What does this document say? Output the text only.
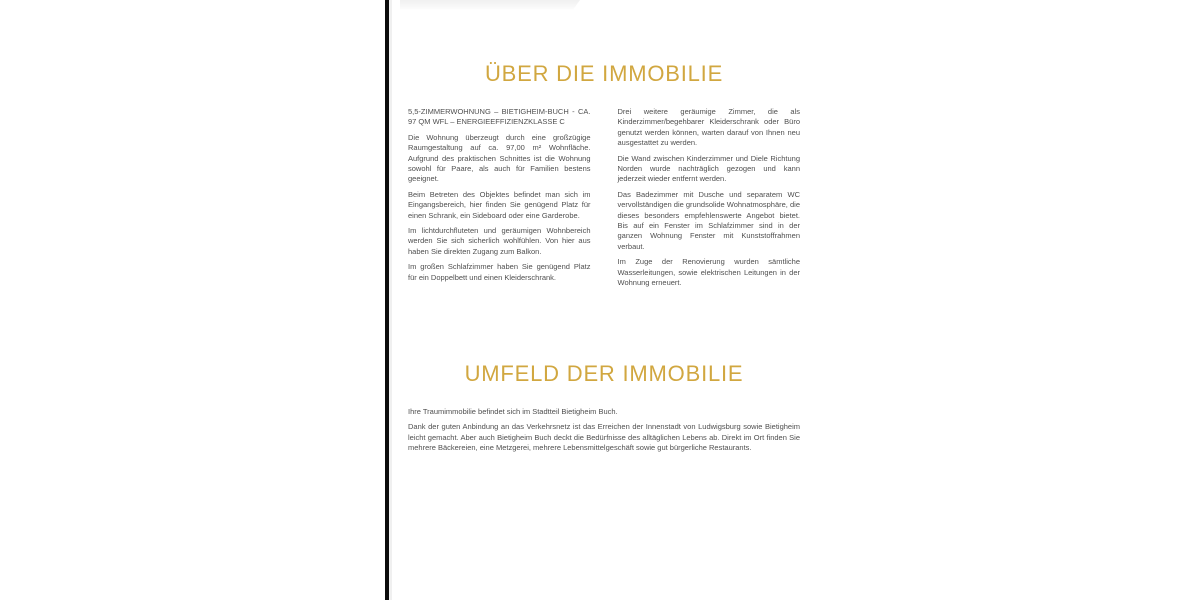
ÜBER DIE IMMOBILIE

5,5-ZIMMERWOHNUNG – BIETIGHEIM-BUCH - CA. 97 QM WFL – ENERGIEEFFIZIENZKLASSE C

Die Wohnung überzeugt durch eine großzügige Raumgestaltung auf ca. 97,00 m² Wohnfläche. Aufgrund des praktischen Schnittes ist die Wohnung sowohl für Paare, als auch für Familien bestens geeignet.

Beim Betreten des Objektes befindet man sich im Eingangsbereich, hier finden Sie genügend Platz für einen Schrank, ein Sideboard oder eine Garderobe.

Im lichtdurchfluteten und geräumigen Wohnbereich werden Sie sich sicherlich wohlfühlen. Von hier aus haben Sie direkten Zugang zum Balkon.

Im großen Schlafzimmer haben Sie genügend Platz für ein Doppelbett und einen Kleiderschrank.

Drei weitere geräumige Zimmer, die als Kinderzimmer/begehbarer Kleiderschrank oder Büro genutzt werden können, warten darauf von Ihnen neu ausgestattet zu werden.

Die Wand zwischen Kinderzimmer und Diele Richtung Norden wurde nachträglich gezogen und kann jederzeit wieder entfernt werden.

Das Badezimmer mit Dusche und separatem WC vervollständigen die grundsolide Wohnatmosphäre, die dieses besonders empfehlenswerte Angebot bietet. Bis auf ein Fenster im Schlafzimmer sind in der ganzen Wohnung Fenster mit Kunststoffrahmen verbaut.

Im Zuge der Renovierung wurden sämtliche Wasserleitungen, sowie elektrischen Leitungen in der Wohnung erneuert.

UMFELD DER IMMOBILIE

Ihre Traumimmobilie befindet sich im Stadtteil Bietigheim Buch.

Dank der guten Anbindung an das Verkehrsnetz ist das Erreichen der Innenstadt von Ludwigsburg sowie Bietigheim leicht gemacht. Aber auch Bietigheim Buch deckt die Bedürfnisse des alltäglichen Lebens ab. Direkt im Ort finden Sie mehrere Bäckereien, eine Metzgerei, mehrere Lebensmittelgeschäft sowie gut bürgerliche Restaurants.
